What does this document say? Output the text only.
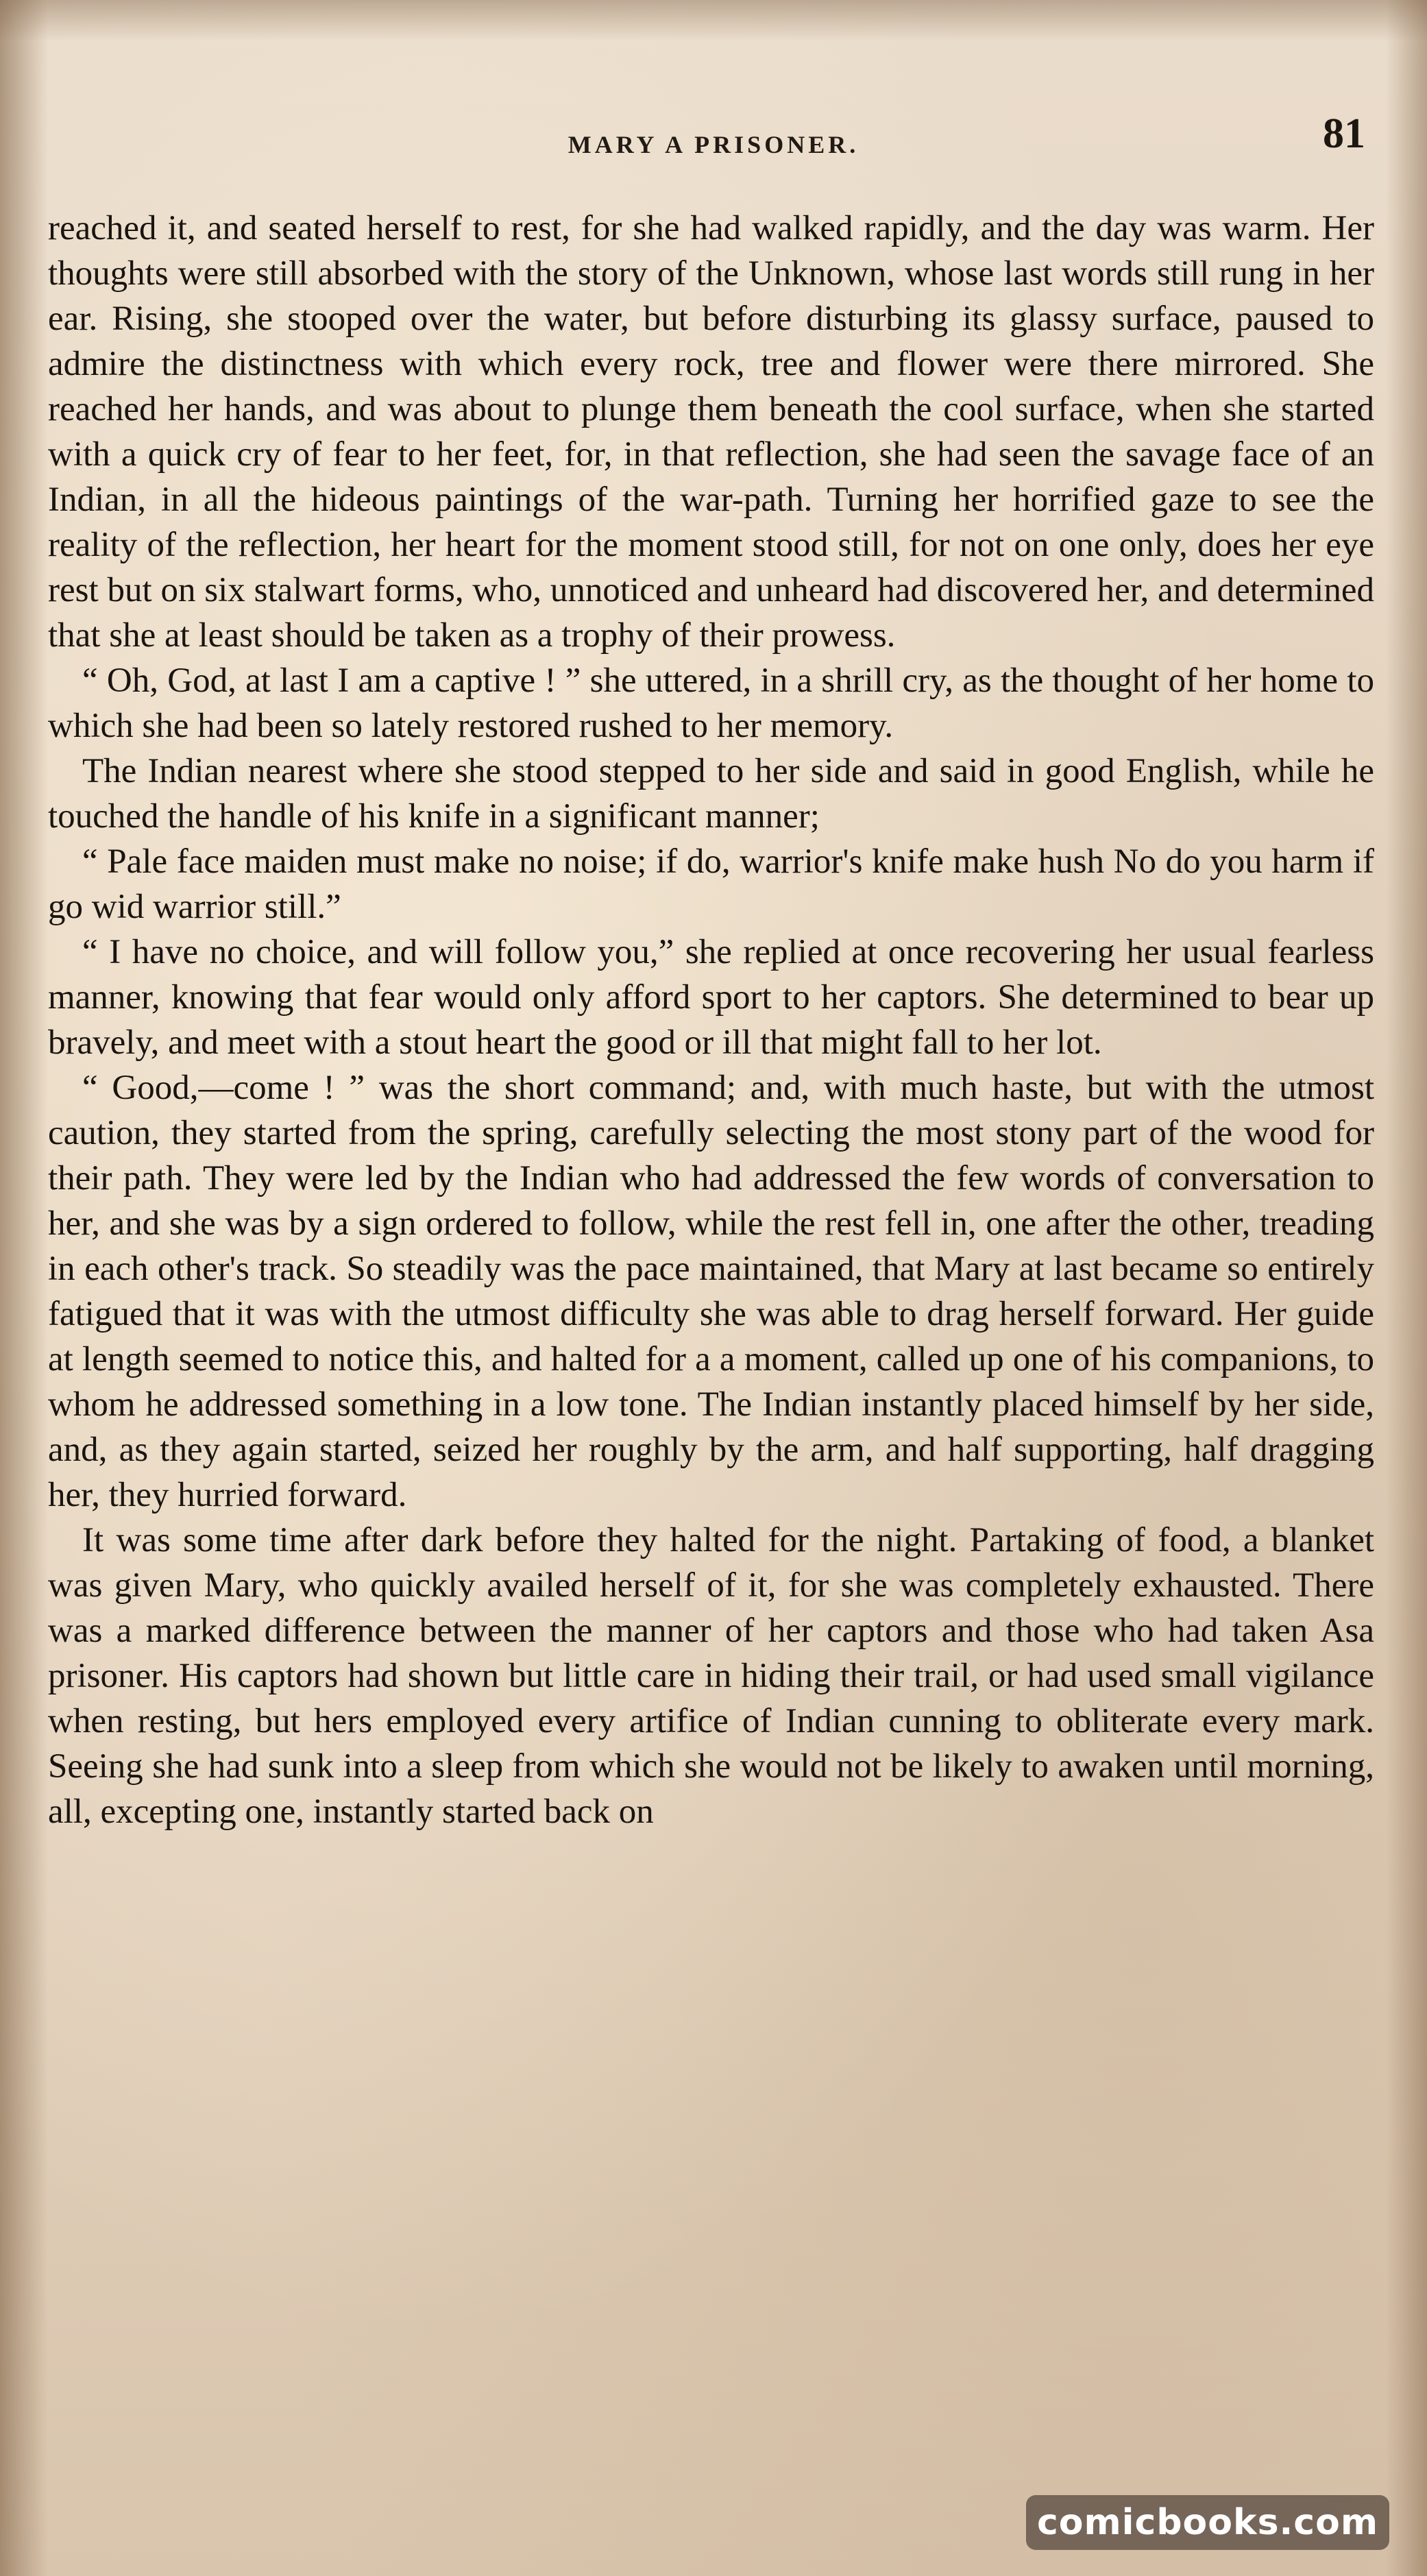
MARY A PRISONER.	81

reached it, and seated herself to rest, for she had walked rapidly, and the day was warm. Her thoughts were still absorbed with the story of the Unknown, whose last words still rung in her ear. Rising, she stooped over the water, but before disturbing its glassy surface, paused to admire the distinctness with which every rock, tree and flower were there mirrored. She reached her hands, and was about to plunge them beneath the cool surface, when she started with a quick cry of fear to her feet, for, in that reflection, she had seen the savage face of an Indian, in all the hideous paintings of the war-path. Turning her horrified gaze to see the reality of the reflection, her heart for the moment stood still, for not on one only, does her eye rest but on six stalwart forms, who, unnoticed and unheard had discovered her, and determined that she at least should be taken as a trophy of their prowess.

“ Oh, God, at last I am a captive ! ” she uttered, in a shrill cry, as the thought of her home to which she had been so lately restored rushed to her memory.

The Indian nearest where she stood stepped to her side and said in good English, while he touched the handle of his knife in a significant manner;

“ Pale face maiden must make no noise; if do, warrior's knife make hush No do you harm if go wid warrior still.”

“ I have no choice, and will follow you,” she replied at once recovering her usual fearless manner, knowing that fear would only afford sport to her captors. She determined to bear up bravely, and meet with a stout heart the good or ill that might fall to her lot.

“ Good,—come ! ” was the short command; and, with much haste, but with the utmost caution, they started from the spring, carefully selecting the most stony part of the wood for their path. They were led by the Indian who had addressed the few words of conversation to her, and she was by a sign ordered to follow, while the rest fell in, one after the other, treading in each other's track. So steadily was the pace maintained, that Mary at last became so entirely fatigued that it was with the utmost difficulty she was able to drag herself forward. Her guide at length seemed to notice this, and halted for a a moment, called up one of his companions, to whom he addressed something in a low tone. The Indian instantly placed himself by her side, and, as they again started, seized her roughly by the arm, and half supporting, half dragging her, they hurried forward.

It was some time after dark before they halted for the night. Partaking of food, a blanket was given Mary, who quickly availed herself of it, for she was completely exhausted. There was a marked difference between the manner of her captors and those who had taken Asa prisoner. His captors had shown but little care in hiding their trail, or had used small vigilance when resting, but hers employed every artifice of Indian cunning to obliterate every mark. Seeing she had sunk into a sleep from which she would not be likely to awaken until morning, all, excepting one, instantly started back on

comicbooks.com
